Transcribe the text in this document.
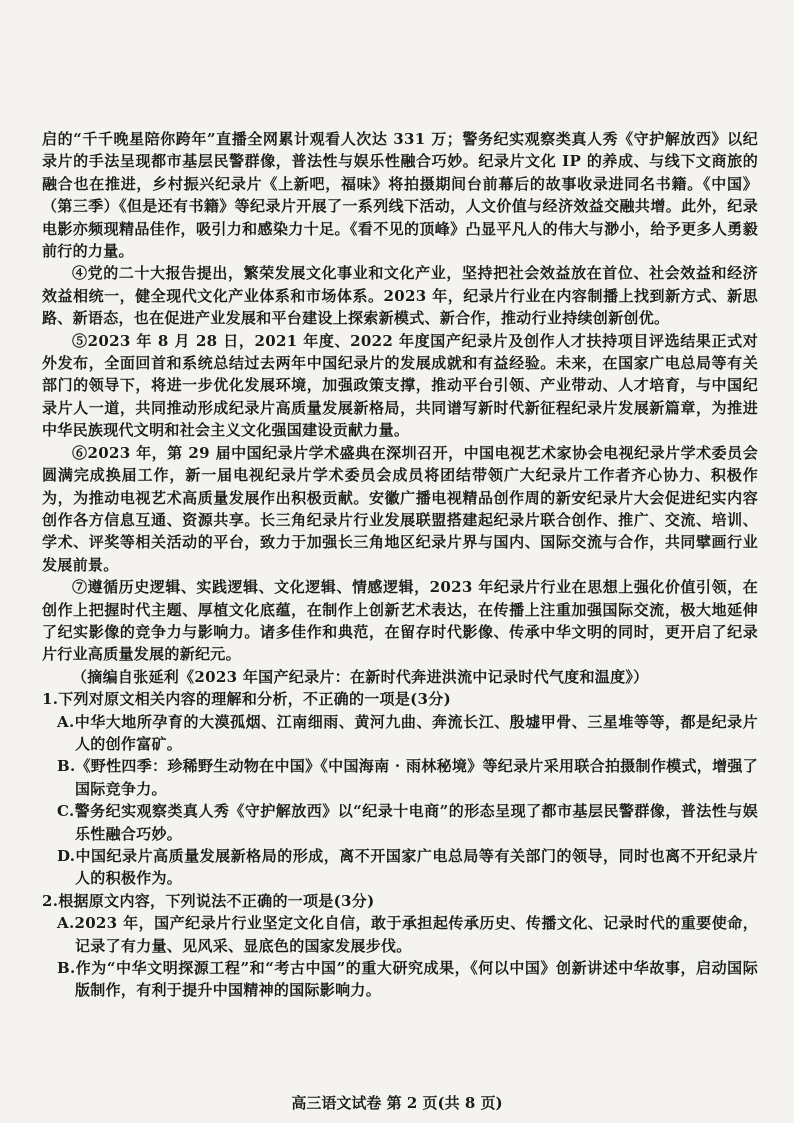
启的“千千晚星陪你跨年”直播全网累计观看人次达 331 万；警务纪实观察类真人秀《守护解放西》以纪录片的手法呈现都市基层民警群像，普法性与娱乐性融合巧妙。纪录片文化 IP 的养成、与线下文商旅的融合也在推进，乡村振兴纪录片《上新吧，福味》将拍摄期间台前幕后的故事收录进同名书籍。《中国》（第三季）《但是还有书籍》等纪录片开展了一系列线下活动，人文价值与经济效益交融共增。此外，纪录电影亦频现精品佳作，吸引力和感染力十足。《看不见的顶峰》凸显平凡人的伟大与渺小，给予更多人勇毅前行的力量。

④党的二十大报告提出，繁荣发展文化事业和文化产业，坚持把社会效益放在首位、社会效益和经济效益相统一，健全现代文化产业体系和市场体系。2023 年，纪录片行业在内容制播上找到新方式、新思路、新语态，也在促进产业发展和平台建设上探索新模式、新合作，推动行业持续创新创优。

⑤2023 年 8 月 28 日，2021 年度、2022 年度国产纪录片及创作人才扶持项目评选结果正式对外发布，全面回首和系统总结过去两年中国纪录片的发展成就和有益经验。未来，在国家广电总局等有关部门的领导下，将进一步优化发展环境，加强政策支撑，推动平台引领、产业带动、人才培育，与中国纪录片人一道，共同推动形成纪录片高质量发展新格局，共同谱写新时代新征程纪录片发展新篇章，为推进中华民族现代文明和社会主义文化强国建设贡献力量。

⑥2023 年，第 29 届中国纪录片学术盛典在深圳召开，中国电视艺术家协会电视纪录片学术委员会圆满完成换届工作，新一届电视纪录片学术委员会成员将团结带领广大纪录片工作者齐心协力、积极作为，为推动电视艺术高质量发展作出积极贡献。安徽广播电视精品创作周的新安纪录片大会促进纪实内容创作各方信息互通、资源共享。长三角纪录片行业发展联盟搭建起纪录片联合创作、推广、交流、培训、学术、评奖等相关活动的平台，致力于加强长三角地区纪录片界与国内、国际交流与合作，共同擘画行业发展前景。

⑦遵循历史逻辑、实践逻辑、文化逻辑、情感逻辑，2023 年纪录片行业在思想上强化价值引领，在创作上把握时代主题、厚植文化底蕴，在制作上创新艺术表达，在传播上注重加强国际交流，极大地延伸了纪实影像的竞争力与影响力。诸多佳作和典范，在留存时代影像、传承中华文明的同时，更开启了纪录片行业高质量发展的新纪元。

（摘编自张延利《2023 年国产纪录片：在新时代奔进洪流中记录时代气度和温度》）

1.下列对原文相关内容的理解和分析，不正确的一项是(3分)

A.中华大地所孕育的大漠孤烟、江南细雨、黄河九曲、奔流长江、殷墟甲骨、三星堆等等，都是纪录片人的创作富矿。

B.《野性四季：珍稀野生动物在中国》《中国海南 · 雨林秘境》等纪录片采用联合拍摄制作模式，增强了国际竞争力。

C.警务纪实观察类真人秀《守护解放西》以“纪录十电商”的形态呈现了都市基层民警群像，普法性与娱乐性融合巧妙。

D.中国纪录片高质量发展新格局的形成，离不开国家广电总局等有关部门的领导，同时也离不开纪录片人的积极作为。

2.根据原文内容，下列说法不正确的一项是(3分)

A.2023 年，国产纪录片行业坚定文化自信，敢于承担起传承历史、传播文化、记录时代的重要使命，记录了有力量、见风采、显底色的国家发展步伐。

B.作为“中华文明探源工程”和“考古中国”的重大研究成果，《何以中国》创新讲述中华故事，启动国际版制作，有利于提升中国精神的国际影响力。

高三语文试卷 第 2 页(共 8 页)
